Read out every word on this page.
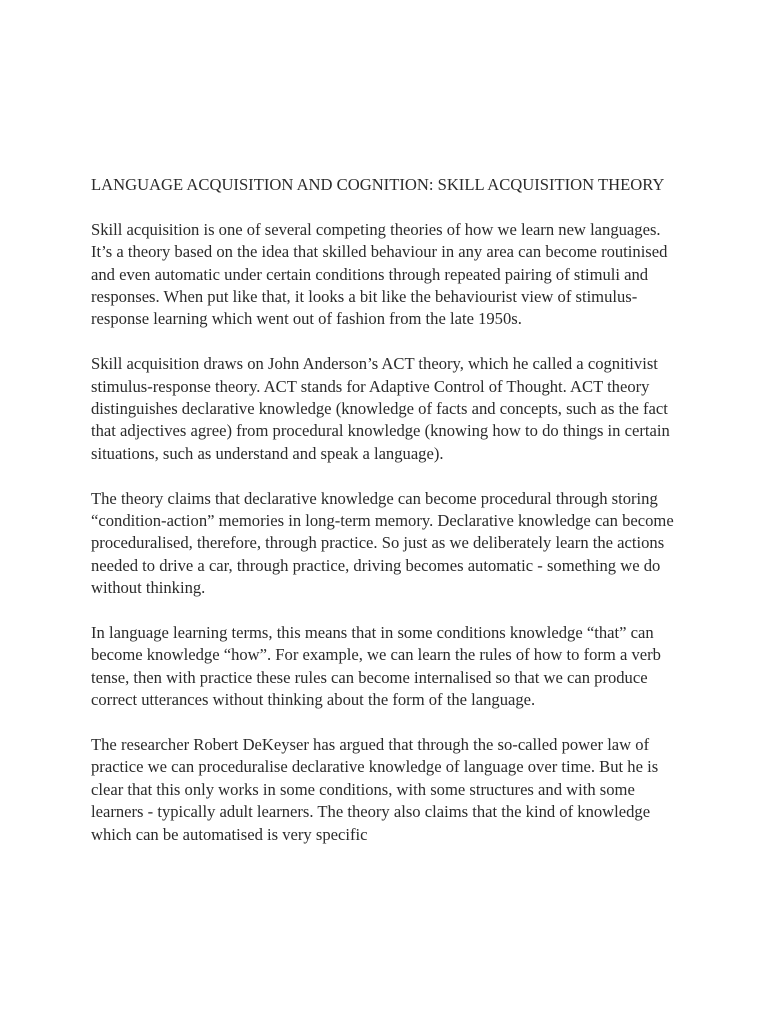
LANGUAGE ACQUISITION AND COGNITION: SKILL ACQUISITION THEORY

Skill acquisition is one of several competing theories of how we learn new languages. It’s a theory based on the idea that skilled behaviour in any area can become routinised and even automatic under certain conditions through repeated pairing of stimuli and responses. When put like that, it looks a bit like the behaviourist view of stimulus-response learning which went out of fashion from the late 1950s.

Skill acquisition draws on John Anderson’s ACT theory, which he called a cognitivist stimulus-response theory. ACT stands for Adaptive Control of Thought. ACT theory distinguishes declarative knowledge (knowledge of facts and concepts, such as the fact that adjectives agree) from procedural knowledge (knowing how to do things in certain situations, such as understand and speak a language).

The theory claims that declarative knowledge can become procedural through storing “condition-action” memories in long-term memory. Declarative knowledge can become proceduralised, therefore, through practice. So just as we deliberately learn the actions needed to drive a car, through practice, driving becomes automatic - something we do without thinking.

In language learning terms, this means that in some conditions knowledge “that” can become knowledge “how”. For example, we can learn the rules of how to form a verb tense, then with practice these rules can become internalised so that we can produce correct utterances without thinking about the form of the language.

The researcher Robert DeKeyser has argued that through the so-called power law of practice we can proceduralise declarative knowledge of language over time. But he is clear that this only works in some conditions, with some structures and with some learners - typically adult learners. The theory also claims that the kind of knowledge which can be automatised is very specific
